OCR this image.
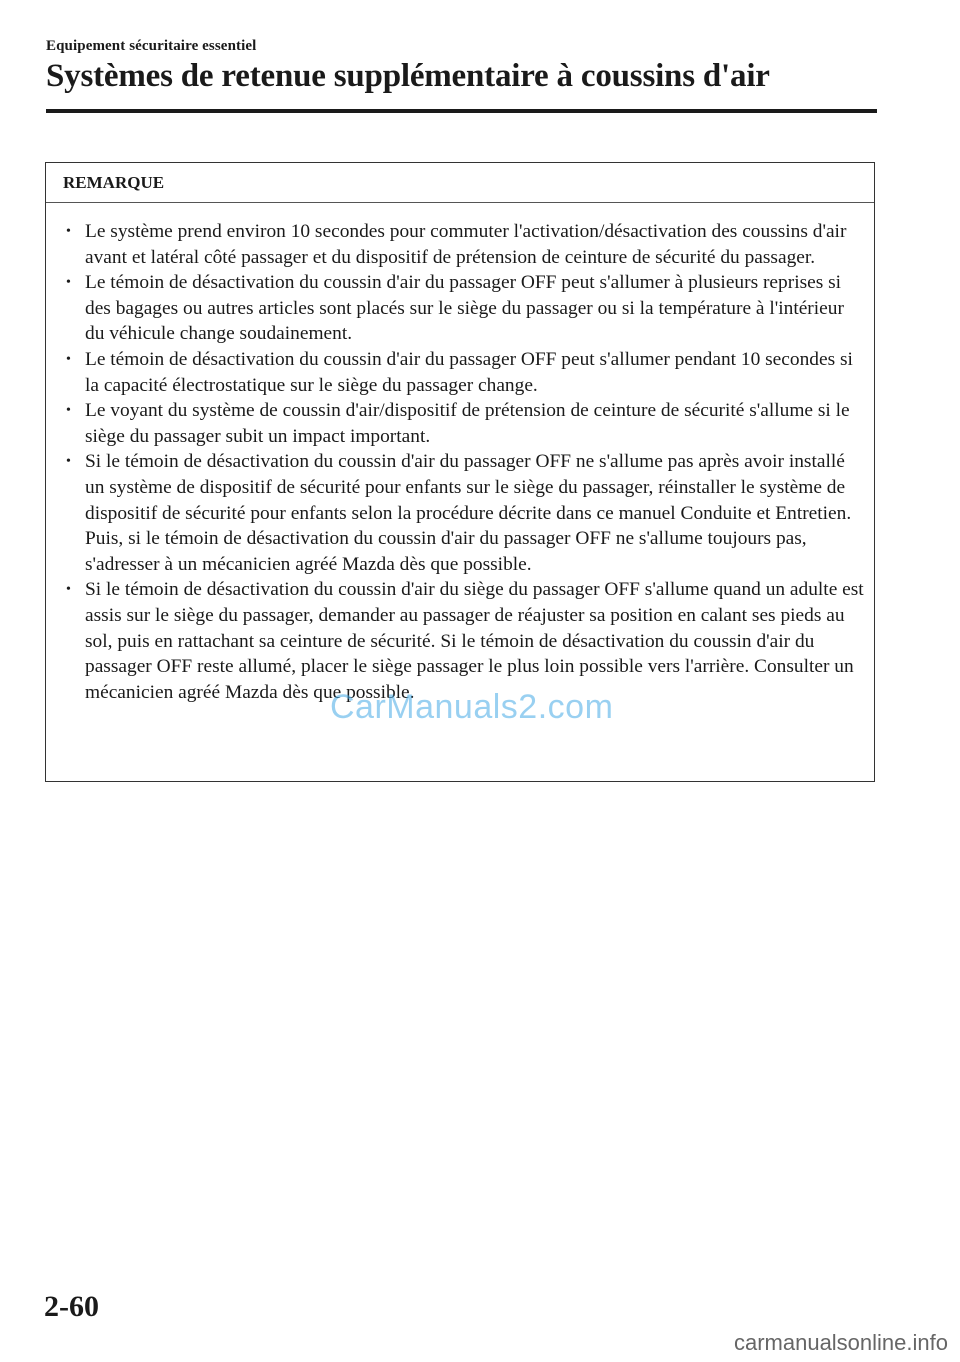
Equipement sécuritaire essentiel
Systèmes de retenue supplémentaire à coussins d'air
REMARQUE
• Le système prend environ 10 secondes pour commuter l'activation/désactivation des coussins d'air avant et latéral côté passager et du dispositif de prétension de ceinture de sécurité du passager.
• Le témoin de désactivation du coussin d'air du passager OFF peut s'allumer à plusieurs reprises si des bagages ou autres articles sont placés sur le siège du passager ou si la température à l'intérieur du véhicule change soudainement.
• Le témoin de désactivation du coussin d'air du passager OFF peut s'allumer pendant 10 secondes si la capacité électrostatique sur le siège du passager change.
• Le voyant du système de coussin d'air/dispositif de prétension de ceinture de sécurité s'allume si le siège du passager subit un impact important.
• Si le témoin de désactivation du coussin d'air du passager OFF ne s'allume pas après avoir installé un système de dispositif de sécurité pour enfants sur le siège du passager, réinstaller le système de dispositif de sécurité pour enfants selon la procédure décrite dans ce manuel Conduite et Entretien. Puis, si le témoin de désactivation du coussin d'air du passager OFF ne s'allume toujours pas, s'adresser à un mécanicien agréé Mazda dès que possible.
• Si le témoin de désactivation du coussin d'air du siège du passager OFF s'allume quand un adulte est assis sur le siège du passager, demander au passager de réajuster sa position en calant ses pieds au sol, puis en rattachant sa ceinture de sécurité. Si le témoin de désactivation du coussin d'air du passager OFF reste allumé, placer le siège passager le plus loin possible vers l'arrière. Consulter un mécanicien agréé Mazda dès que possible.
CarManuals2.com
2-60
carmanualsonline.info
